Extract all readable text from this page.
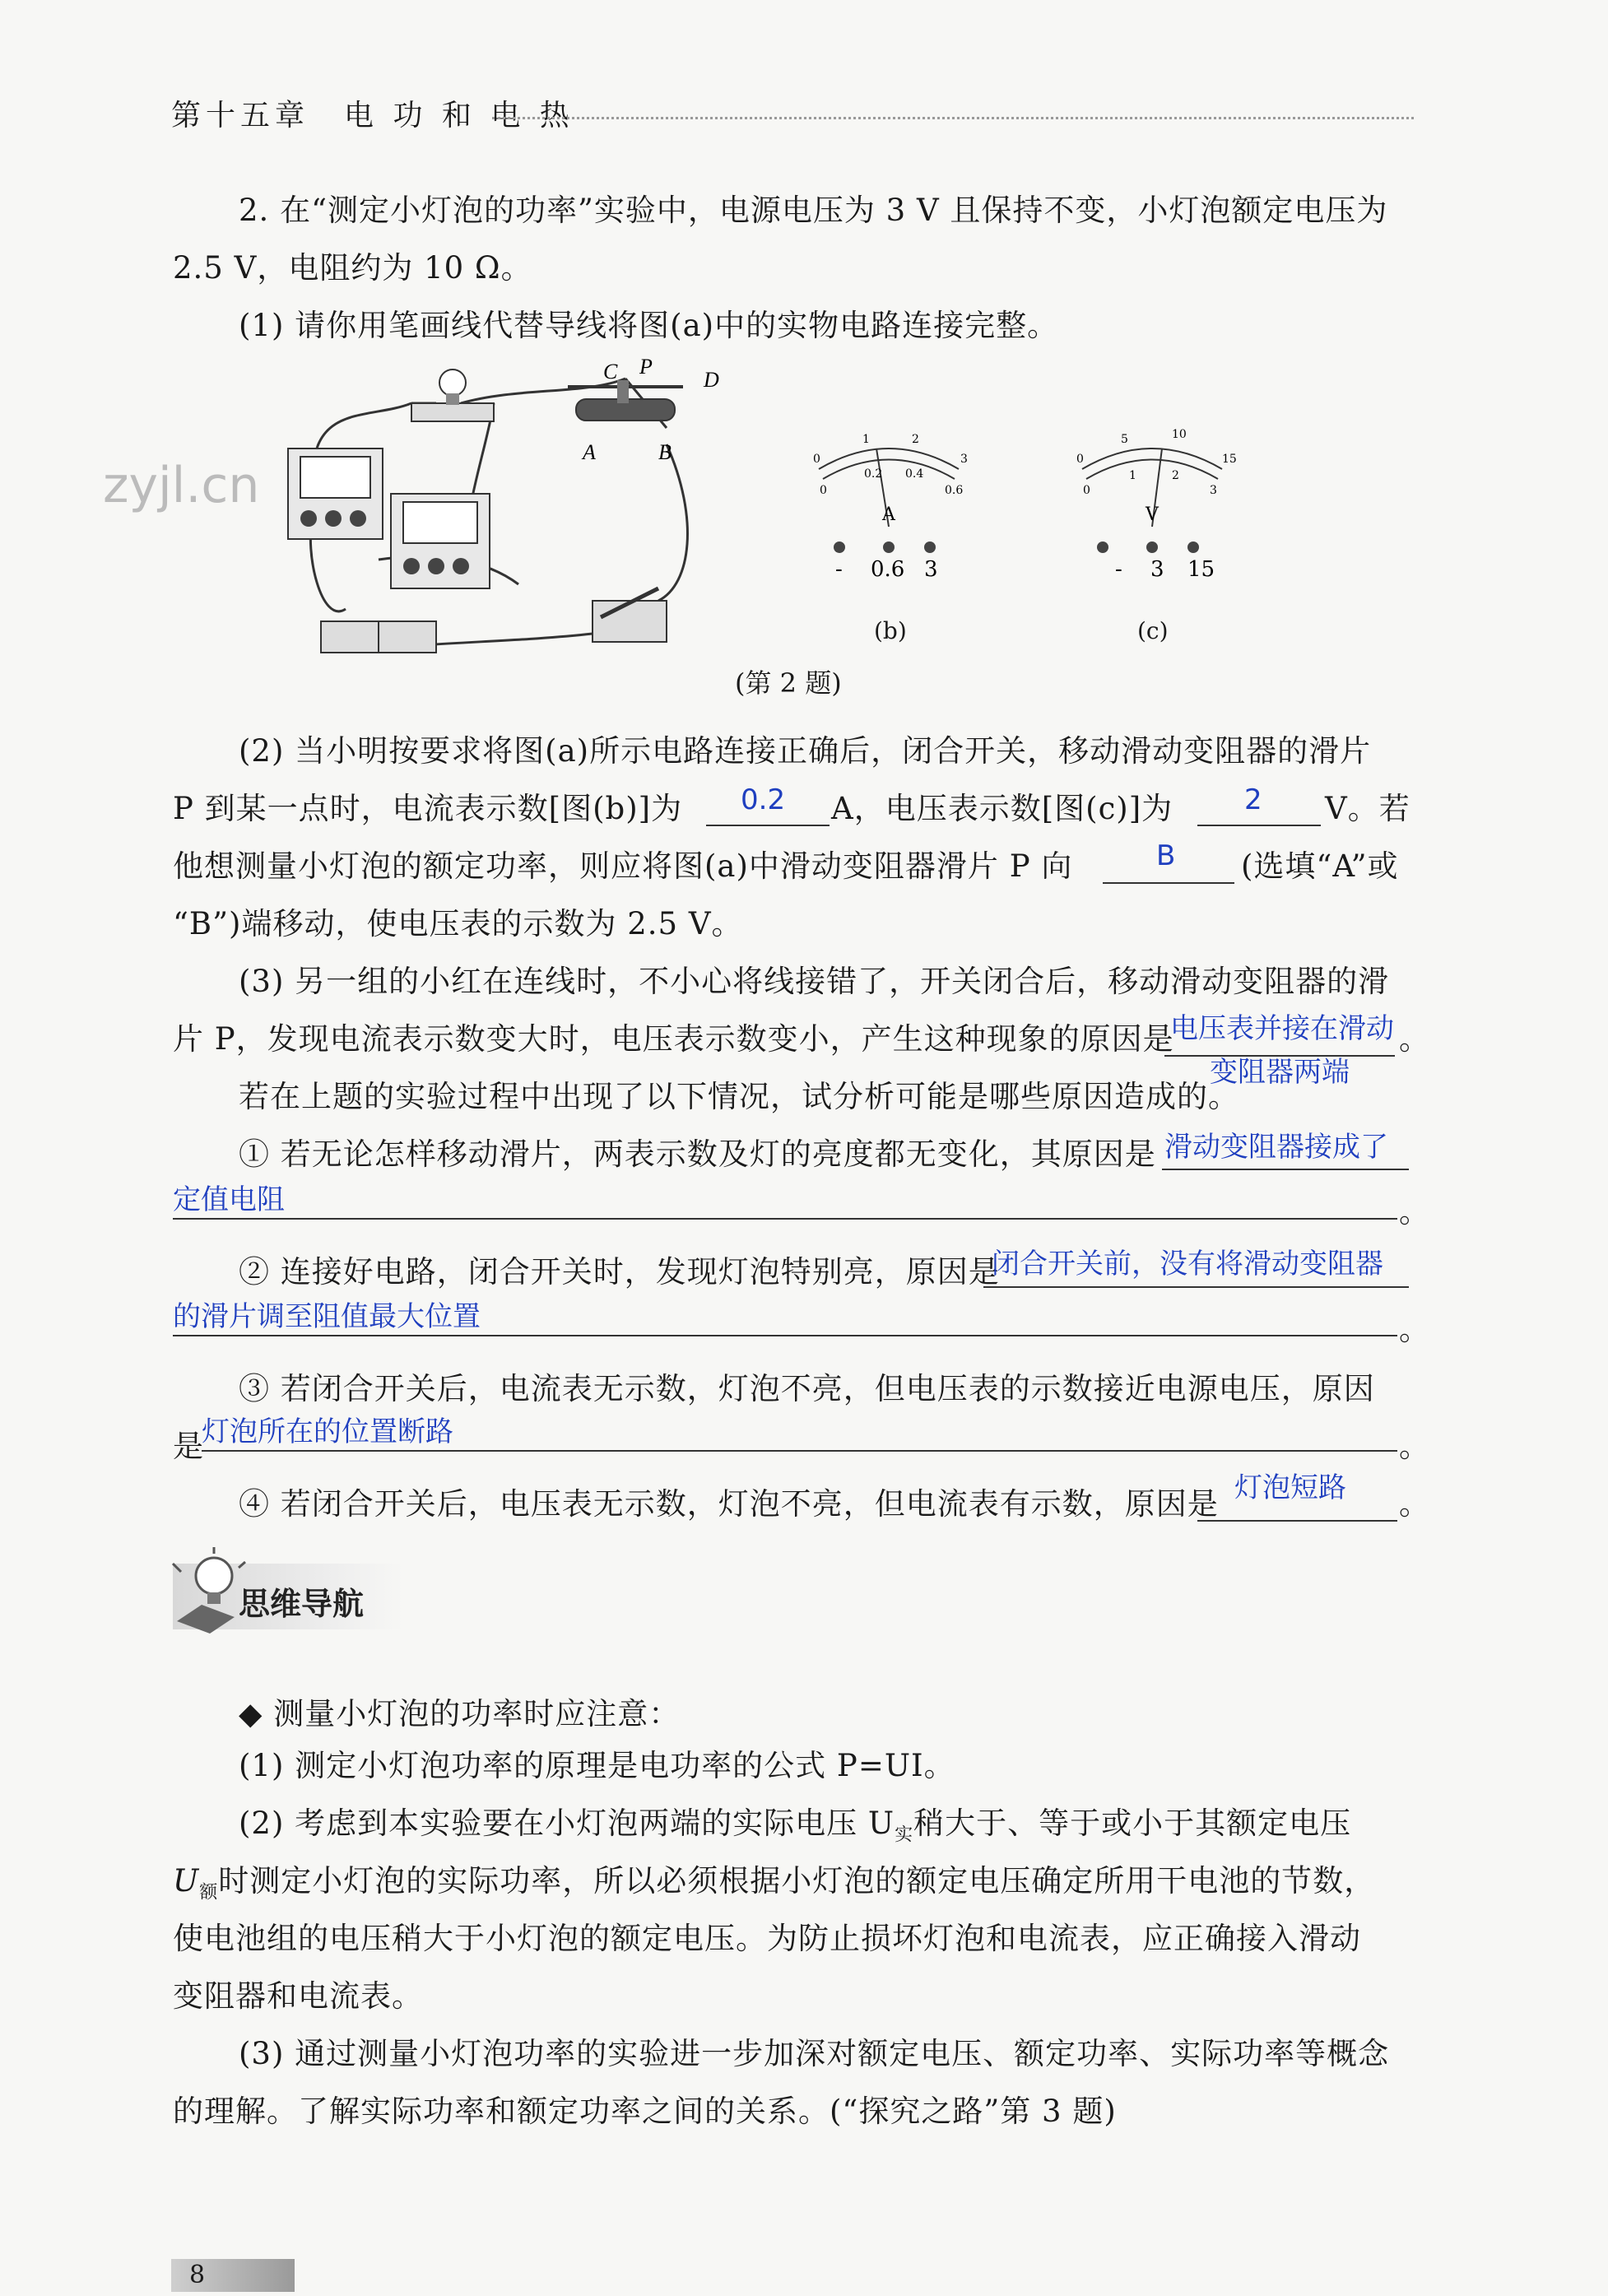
第十五章　电 功 和 电 热
2. 在“测定小灯泡的功率”实验中，电源电压为 3 V 且保持不变，小灯泡额定电压为
2.5 V，电阻约为 10 Ω。
(1) 请你用笔画线代替导线将图(a)中的实物电路连接完整。
zyjl.cn
C P
D
A	B	0
1	2
3
0
0.2 0.4
0.6
A
- 0.6 3
0
5	10
15
0
1	2
3
V
- 3 15
(b)	(c)
(第 2 题)
(2) 当小明按要求将图(a)所示电路连接正确后，闭合开关，移动滑动变阻器的滑片
P 到某一点时，电流表示数[图(b)]为 0.2 A，电压表示数[图(c)]为	2 V。若
他想测量小灯泡的额定功率，则应将图(a)中滑动变阻器滑片 P 向	B (选填“A”或
“B”)端移动，使电压表的示数为 2.5 V。
(3) 另一组的小红在连线时，不小心将线接错了，开关闭合后，移动滑动变阻器的滑
片 P，发现电流表示数变大时，电压表示数变小，产生这种现象的原因是
电压表并接在滑动
变阻器两端
。
若在上题的实验过程中出现了以下情况，试分析可能是哪些原因造成的。
① 若无论怎样移动滑片，两表示数及灯的亮度都无变化，其原因是 滑动变阻器接成了
定值电阻	。
② 连接好电路，闭合开关时，发现灯泡特别亮，原因是
闭合开关前，没有将滑动变阻器
的滑片调至阻值最大位置	。
③ 若闭合开关后，电流表无示数，灯泡不亮，但电压表的示数接近电源电压，原因
是
灯泡所在的位置断路	。
④ 若闭合开关后，电压表无示数，灯泡不亮，但电流表有示数，原因是 灯泡短路 。
思维导航
◆ 测量小灯泡的功率时应注意：
(1) 测定小灯泡功率的原理是电功率的公式 P=UI。
(2) 考虑到本实验要在小灯泡两端的实际电压 $U_实$稍大于、等于或小于其额定电压
$U_额$时测定小灯泡的实际功率，所以必须根据小灯泡的额定电压确定所用干电池的节数，
使电池组的电压稍大于小灯泡的额定电压。为防止损坏灯泡和电流表，应正确接入滑动
变阻器和电流表。
(3) 通过测量小灯泡功率的实验进一步加深对额定电压、额定功率、实际功率等概念
的理解。了解实际功率和额定功率之间的关系。(“探究之路”第 3 题)
8
